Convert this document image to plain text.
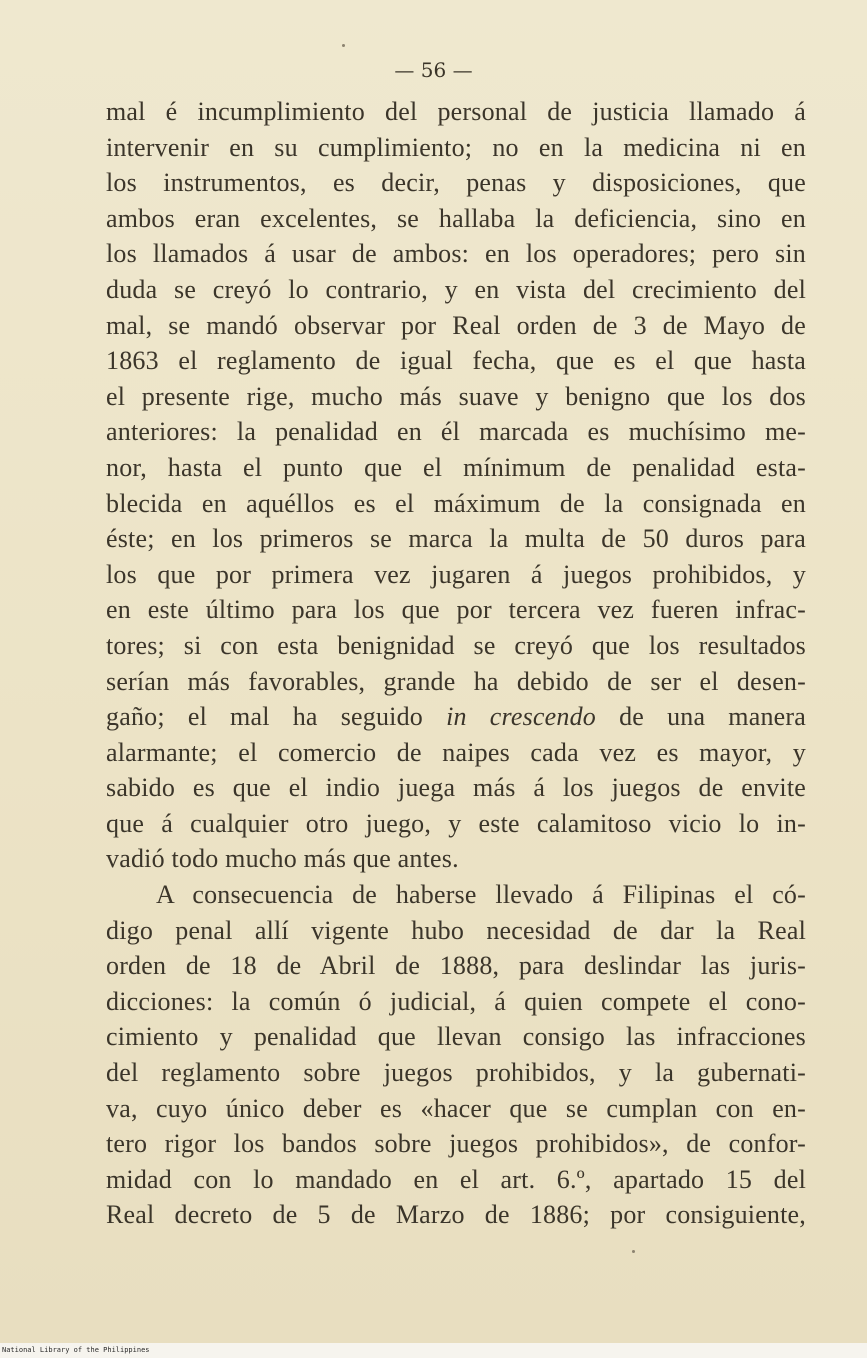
— 56 —
mal é incumplimiento del personal de justicia llamado á
intervenir en su cumplimiento; no en la medicina ni en
los instrumentos, es decir, penas y disposiciones, que
ambos eran excelentes, se hallaba la deficiencia, sino en
los llamados á usar de ambos: en los operadores; pero sin
duda se creyó lo contrario, y en vista del crecimiento del
mal, se mandó observar por Real orden de 3 de Mayo de
1863 el reglamento de igual fecha, que es el que hasta
el presente rige, mucho más suave y benigno que los dos
anteriores: la penalidad en él marcada es muchísimo me-
nor, hasta el punto que el mínimum de penalidad esta-
blecida en aquéllos es el máximum de la consignada en
éste; en los primeros se marca la multa de 50 duros para
los que por primera vez jugaren á juegos prohibidos, y
en este último para los que por tercera vez fueren infrac-
tores; si con esta benignidad se creyó que los resultados
serían más favorables, grande ha debido de ser el desen-
gaño; el mal ha seguido in crescendo de una manera
alarmante; el comercio de naipes cada vez es mayor, y
sabido es que el indio juega más á los juegos de envite
que á cualquier otro juego, y este calamitoso vicio lo in-
vadió todo mucho más que antes.
A consecuencia de haberse llevado á Filipinas el có-
digo penal allí vigente hubo necesidad de dar la Real
orden de 18 de Abril de 1888, para deslindar las juris-
dicciones: la común ó judicial, á quien compete el cono-
cimiento y penalidad que llevan consigo las infracciones
del reglamento sobre juegos prohibidos, y la gubernati-
va, cuyo único deber es «hacer que se cumplan con en-
tero rigor los bandos sobre juegos prohibidos», de confor-
midad con lo mandado en el art. 6.º, apartado 15 del
Real decreto de 5 de Marzo de 1886; por consiguiente,
National Library of the Philippines
